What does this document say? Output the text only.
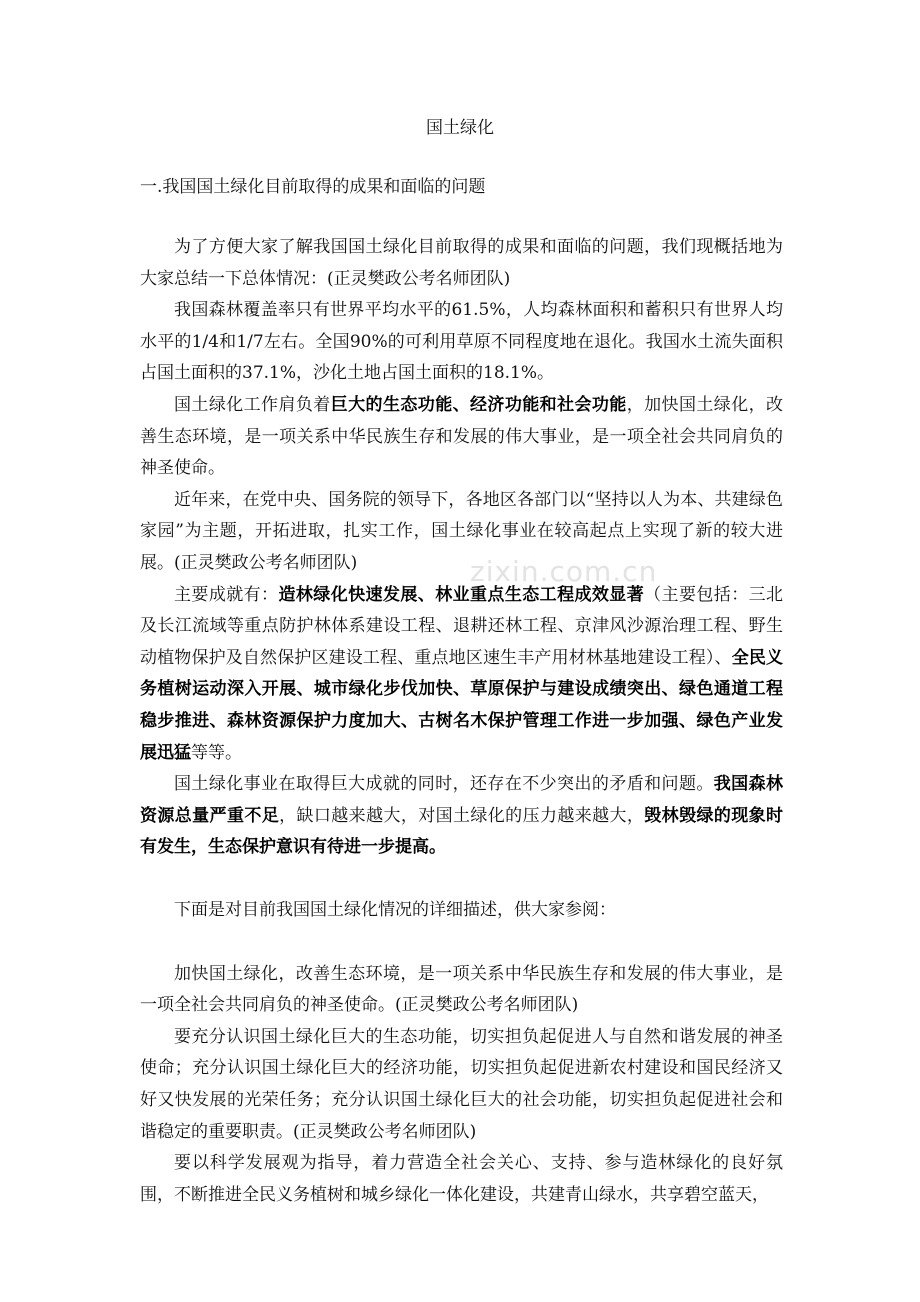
zixin.com.cn
国土绿化
一.我国国土绿化目前取得的成果和面临的问题

为了方便大家了解我国国土绿化目前取得的成果和面临的问题，我们现概括地为大家总结一下总体情况：(正灵樊政公考名师团队)

我国森林覆盖率只有世界平均水平的61.5%，人均森林面积和蓄积只有世界人均水平的1/4和1/7左右。全国90%的可利用草原不同程度地在退化。我国水土流失面积占国土面积的37.1%，沙化土地占国土面积的18.1%。

国土绿化工作肩负着巨大的生态功能、经济功能和社会功能，加快国土绿化，改善生态环境，是一项关系中华民族生存和发展的伟大事业，是一项全社会共同肩负的神圣使命。

近年来，在党中央、国务院的领导下，各地区各部门以“坚持以人为本、共建绿色家园”为主题，开拓进取，扎实工作，国土绿化事业在较高起点上实现了新的较大进展。(正灵樊政公考名师团队)

主要成就有：造林绿化快速发展、林业重点生态工程成效显著（主要包括：三北及长江流域等重点防护林体系建设工程、退耕还林工程、京津风沙源治理工程、野生动植物保护及自然保护区建设工程、重点地区速生丰产用材林基地建设工程）、全民义务植树运动深入开展、城市绿化步伐加快、草原保护与建设成绩突出、绿色通道工程稳步推进、森林资源保护力度加大、古树名木保护管理工作进一步加强、绿色产业发展迅猛等等。

国土绿化事业在取得巨大成就的同时，还存在不少突出的矛盾和问题。我国森林资源总量严重不足，缺口越来越大，对国土绿化的压力越来越大，毁林毁绿的现象时有发生，生态保护意识有待进一步提高。

下面是对目前我国国土绿化情况的详细描述，供大家参阅：

加快国土绿化，改善生态环境，是一项关系中华民族生存和发展的伟大事业，是一项全社会共同肩负的神圣使命。(正灵樊政公考名师团队)

要充分认识国土绿化巨大的生态功能，切实担负起促进人与自然和谐发展的神圣使命；充分认识国土绿化巨大的经济功能，切实担负起促进新农村建设和国民经济又好又快发展的光荣任务；充分认识国土绿化巨大的社会功能，切实担负起促进社会和谐稳定的重要职责。(正灵樊政公考名师团队)

要以科学发展观为指导，着力营造全社会关心、支持、参与造林绿化的良好氛围，不断推进全民义务植树和城乡绿化一体化建设，共建青山绿水，共享碧空蓝天，
